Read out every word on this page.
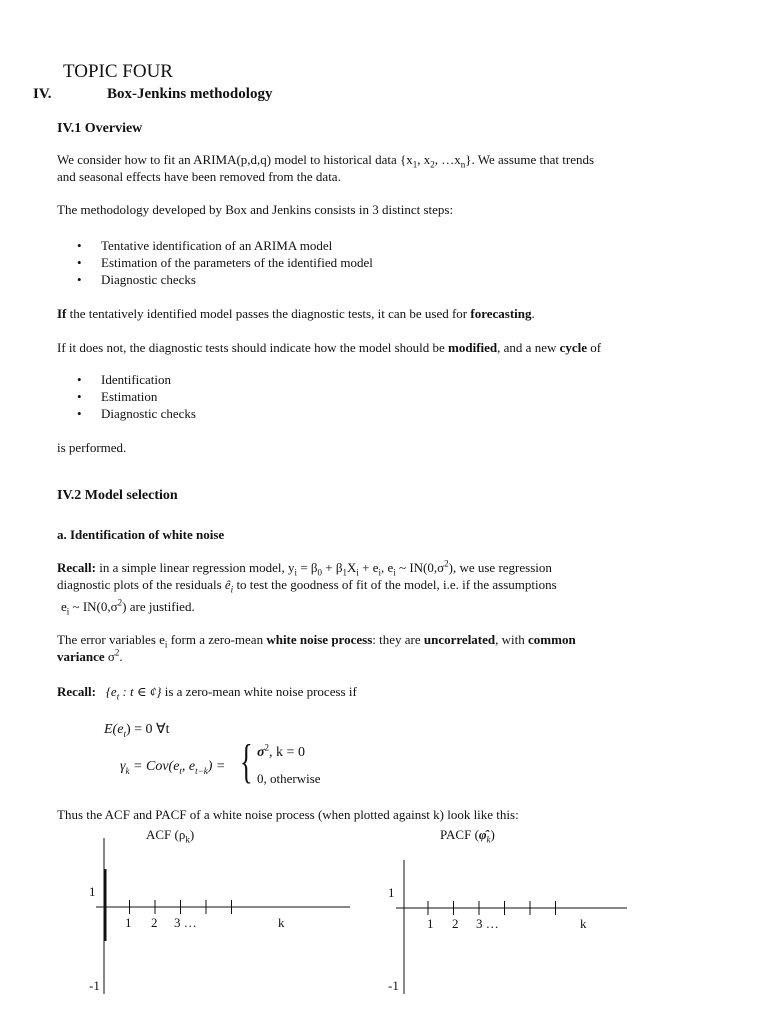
TOPIC FOUR
IV.	Box-Jenkins methodology
IV.1 Overview

We consider how to fit an ARIMA(p,d,q) model to historical data {$x_1$, $x_2$, $\dots x_n$}. We assume that trends
and seasonal effects have been removed from the data.

The methodology developed by Box and Jenkins consists in 3 distinct steps:

• Tentative identification of an ARIMA model
• Estimation of the parameters of the identified model
• Diagnostic checks

If the tentatively identified model passes the diagnostic tests, it can be used for forecasting.

If it does not, the diagnostic tests should indicate how the model should be modified, and a new cycle of

• Identification
• Estimation
• Diagnostic checks

is performed.

IV.2 Model selection
a. Identification of white noise

Recall: in a simple linear regression model, $y_i = \beta_0 + \beta_1X_i + e_i$, $e_i$ ~ $IN(0,\sigma^2)$, we use regression
diagnostic plots of the residuals $ê_i$ to test the goodness of fit of the model, i.e. if the assumptions

$e_i$ ~ $IN(0,\sigma^2)$ are justified.

The error variables $e_i$ form a zero-mean white noise process: they are uncorrelated, with common
variance $\sigma^2$.

Recall: {$e_t$ : t ∈ ¢} is a zero-mean white noise process if

$E(e_t) = 0$ ∀t
$\gamma_k = Cov(e_t$, $e_{t-k}$) = { $\sigma^2$, k = 0
0, otherwise

Thus the ACF and PACF of a white noise process (when plotted against k) look like this:

ACF $(\rho_k)$	PACF $(\varphî_k)$
1 2 3 …	k
1
-1
1 2 3 …	k
1
-1
